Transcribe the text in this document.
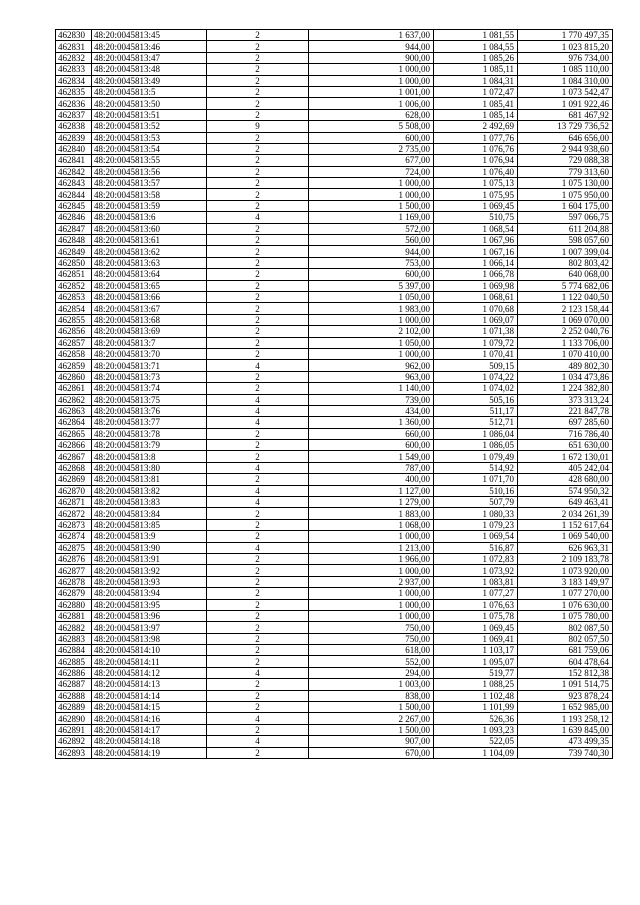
462830	48:20:0045813:45	2	1 637,00	1 081,55	1 770 497,35
462831	48:20:0045813:46	2	944,00	1 084,55	1 023 815,20
462832	48:20:0045813:47	2	900,00	1 085,26	976 734,00
462833	48:20:0045813:48	2	1 000,00	1 085,11	1 085 110,00
462834	48:20:0045813:49	2	1 000,00	1 084,31	1 084 310,00
462835	48:20:0045813:5	2	1 001,00	1 072,47	1 073 542,47
462836	48:20:0045813:50	2	1 006,00	1 085,41	1 091 922,46
462837	48:20:0045813:51	2	628,00	1 085,14	681 467,92
462838	48:20:0045813:52	9	5 508,00	2 492,69	13 729 736,52
462839	48:20:0045813:53	2	600,00	1 077,76	646 656,00
462840	48:20:0045813:54	2	2 735,00	1 076,76	2 944 938,60
462841	48:20:0045813:55	2	677,00	1 076,94	729 088,38
462842	48:20:0045813:56	2	724,00	1 076,40	779 313,60
462843	48:20:0045813:57	2	1 000,00	1 075,13	1 075 130,00
462844	48:20:0045813:58	2	1 000,00	1 075,95	1 075 950,00
462845	48:20:0045813:59	2	1 500,00	1 069,45	1 604 175,00
462846	48:20:0045813:6	4	1 169,00	510,75	597 066,75
462847	48:20:0045813:60	2	572,00	1 068,54	611 204,88
462848	48:20:0045813:61	2	560,00	1 067,96	598 057,60
462849	48:20:0045813:62	2	944,00	1 067,16	1 007 399,04
462850	48:20:0045813:63	2	753,00	1 066,14	802 803,42
462851	48:20:0045813:64	2	600,00	1 066,78	640 068,00
462852	48:20:0045813:65	2	5 397,00	1 069,98	5 774 682,06
462853	48:20:0045813:66	2	1 050,00	1 068,61	1 122 040,50
462854	48:20:0045813:67	2	1 983,00	1 070,68	2 123 158,44
462855	48:20:0045813:68	2	1 000,00	1 069,07	1 069 070,00
462856	48:20:0045813:69	2	2 102,00	1 071,38	2 252 040,76
462857	48:20:0045813:7	2	1 050,00	1 079,72	1 133 706,00
462858	48:20:0045813:70	2	1 000,00	1 070,41	1 070 410,00
462859	48:20:0045813:71	4	962,00	509,15	489 802,30
462860	48:20:0045813:73	2	963,00	1 074,22	1 034 473,86
462861	48:20:0045813:74	2	1 140,00	1 074,02	1 224 382,80
462862	48:20:0045813:75	4	739,00	505,16	373 313,24
462863	48:20:0045813:76	4	434,00	511,17	221 847,78
462864	48:20:0045813:77	4	1 360,00	512,71	697 285,60
462865	48:20:0045813:78	2	660,00	1 086,04	716 786,40
462866	48:20:0045813:79	2	600,00	1 086,05	651 630,00
462867	48:20:0045813:8	2	1 549,00	1 079,49	1 672 130,01
462868	48:20:0045813:80	4	787,00	514,92	405 242,04
462869	48:20:0045813:81	2	400,00	1 071,70	428 680,00
462870	48:20:0045813:82	4	1 127,00	510,16	574 950,32
462871	48:20:0045813:83	4	1 279,00	507,79	649 463,41
462872	48:20:0045813:84	2	1 883,00	1 080,33	2 034 261,39
462873	48:20:0045813:85	2	1 068,00	1 079,23	1 152 617,64
462874	48:20:0045813:9	2	1 000,00	1 069,54	1 069 540,00
462875	48:20:0045813:90	4	1 213,00	516,87	626 963,31
462876	48:20:0045813:91	2	1 966,00	1 072,83	2 109 183,78
462877	48:20:0045813:92	2	1 000,00	1 073,92	1 073 920,00
462878	48:20:0045813:93	2	2 937,00	1 083,81	3 183 149,97
462879	48:20:0045813:94	2	1 000,00	1 077,27	1 077 270,00
462880	48:20:0045813:95	2	1 000,00	1 076,63	1 076 630,00
462881	48:20:0045813:96	2	1 000,00	1 075,78	1 075 780,00
462882	48:20:0045813:97	2	750,00	1 069,45	802 087,50
462883	48:20:0045813:98	2	750,00	1 069,41	802 057,50
462884	48:20:0045814:10	2	618,00	1 103,17	681 759,06
462885	48:20:0045814:11	2	552,00	1 095,07	604 478,64
462886	48:20:0045814:12	4	294,00	519,77	152 812,38
462887	48:20:0045814:13	2	1 003,00	1 088,25	1 091 514,75
462888	48:20:0045814:14	2	838,00	1 102,48	923 878,24
462889	48:20:0045814:15	2	1 500,00	1 101,99	1 652 985,00
462890	48:20:0045814:16	4	2 267,00	526,36	1 193 258,12
462891	48:20:0045814:17	2	1 500,00	1 093,23	1 639 845,00
462892	48:20:0045814:18	4	907,00	522,05	473 499,35
462893	48:20:0045814:19	2	670,00	1 104,09	739 740,30
